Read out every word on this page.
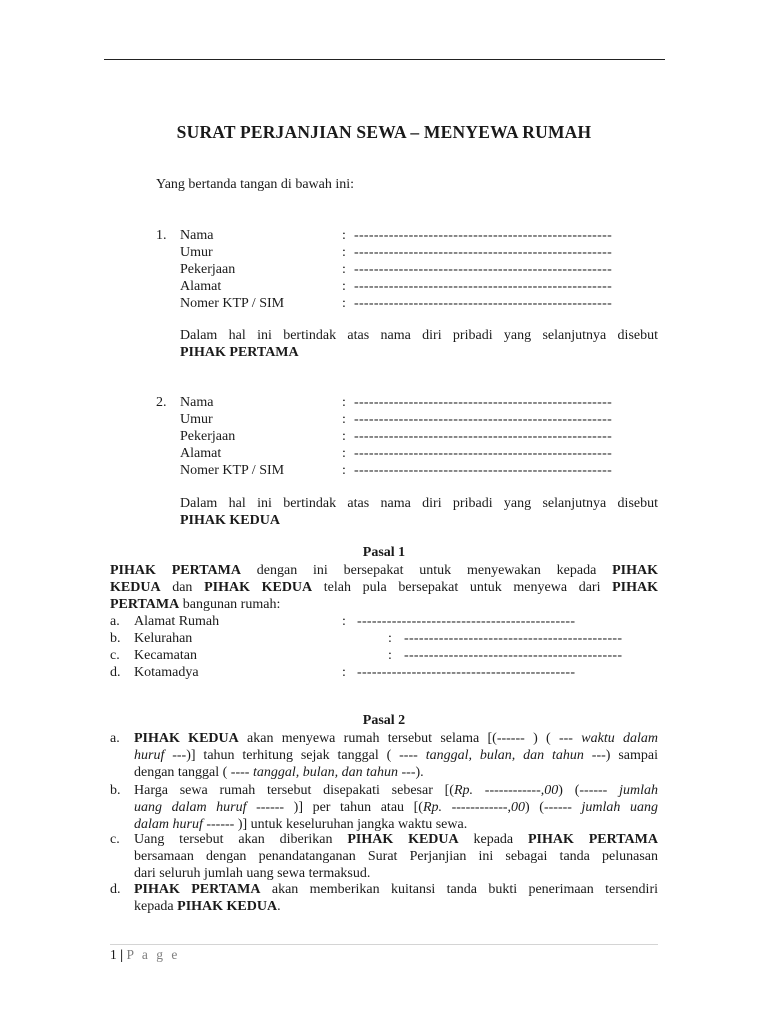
SURAT PERJANJIAN SEWA – MENYEWA RUMAH
Yang bertanda tangan di bawah ini:
1. Nama	: ----------------------------------------------------
Umur	: ----------------------------------------------------
Pekerjaan	: ----------------------------------------------------
Alamat	: ----------------------------------------------------
Nomer KTP / SIM	: ----------------------------------------------------
Dalam hal ini bertindak atas nama diri pribadi yang selanjutnya disebut
PIHAK PERTAMA
2. Nama	: ----------------------------------------------------
Umur	: ----------------------------------------------------
Pekerjaan	: ----------------------------------------------------
Alamat	: ----------------------------------------------------
Nomer KTP / SIM	: ----------------------------------------------------
Dalam hal ini bertindak atas nama diri pribadi yang selanjutnya disebut
PIHAK KEDUA
Pasal 1
PIHAK PERTAMA dengan ini bersepakat untuk menyewakan kepada PIHAK
KEDUA dan PIHAK KEDUA telah pula bersepakat untuk menyewa dari PIHAK
PERTAMA bangunan rumah:
a. Alamat Rumah	: --------------------------------------------
b. Kelurahan	: --------------------------------------------
c. Kecamatan	: --------------------------------------------
d. Kotamadya	: --------------------------------------------
Pasal 2
a. PIHAK KEDUA akan menyewa rumah tersebut selama [(------ ) ( --- waktu dalam
huruf ---)] tahun terhitung sejak tanggal ( ---- tanggal, bulan, dan tahun ---) sampai
dengan tanggal ( ---- tanggal, bulan, dan tahun ---).
b. Harga sewa rumah tersebut disepakati sebesar [(Rp. ------------,00) (------ jumlah
uang dalam huruf ------ )] per tahun atau [(Rp. ------------,00) (------ jumlah uang
dalam huruf ------ )] untuk keseluruhan jangka waktu sewa.
c. Uang tersebut akan diberikan PIHAK KEDUA kepada PIHAK PERTAMA
bersamaan dengan penandatanganan Surat Perjanjian ini sebagai tanda pelunasan
dari seluruh jumlah uang sewa termaksud.
d. PIHAK PERTAMA akan memberikan kuitansi tanda bukti penerimaan tersendiri
kepada PIHAK KEDUA.
1 | P a g e
